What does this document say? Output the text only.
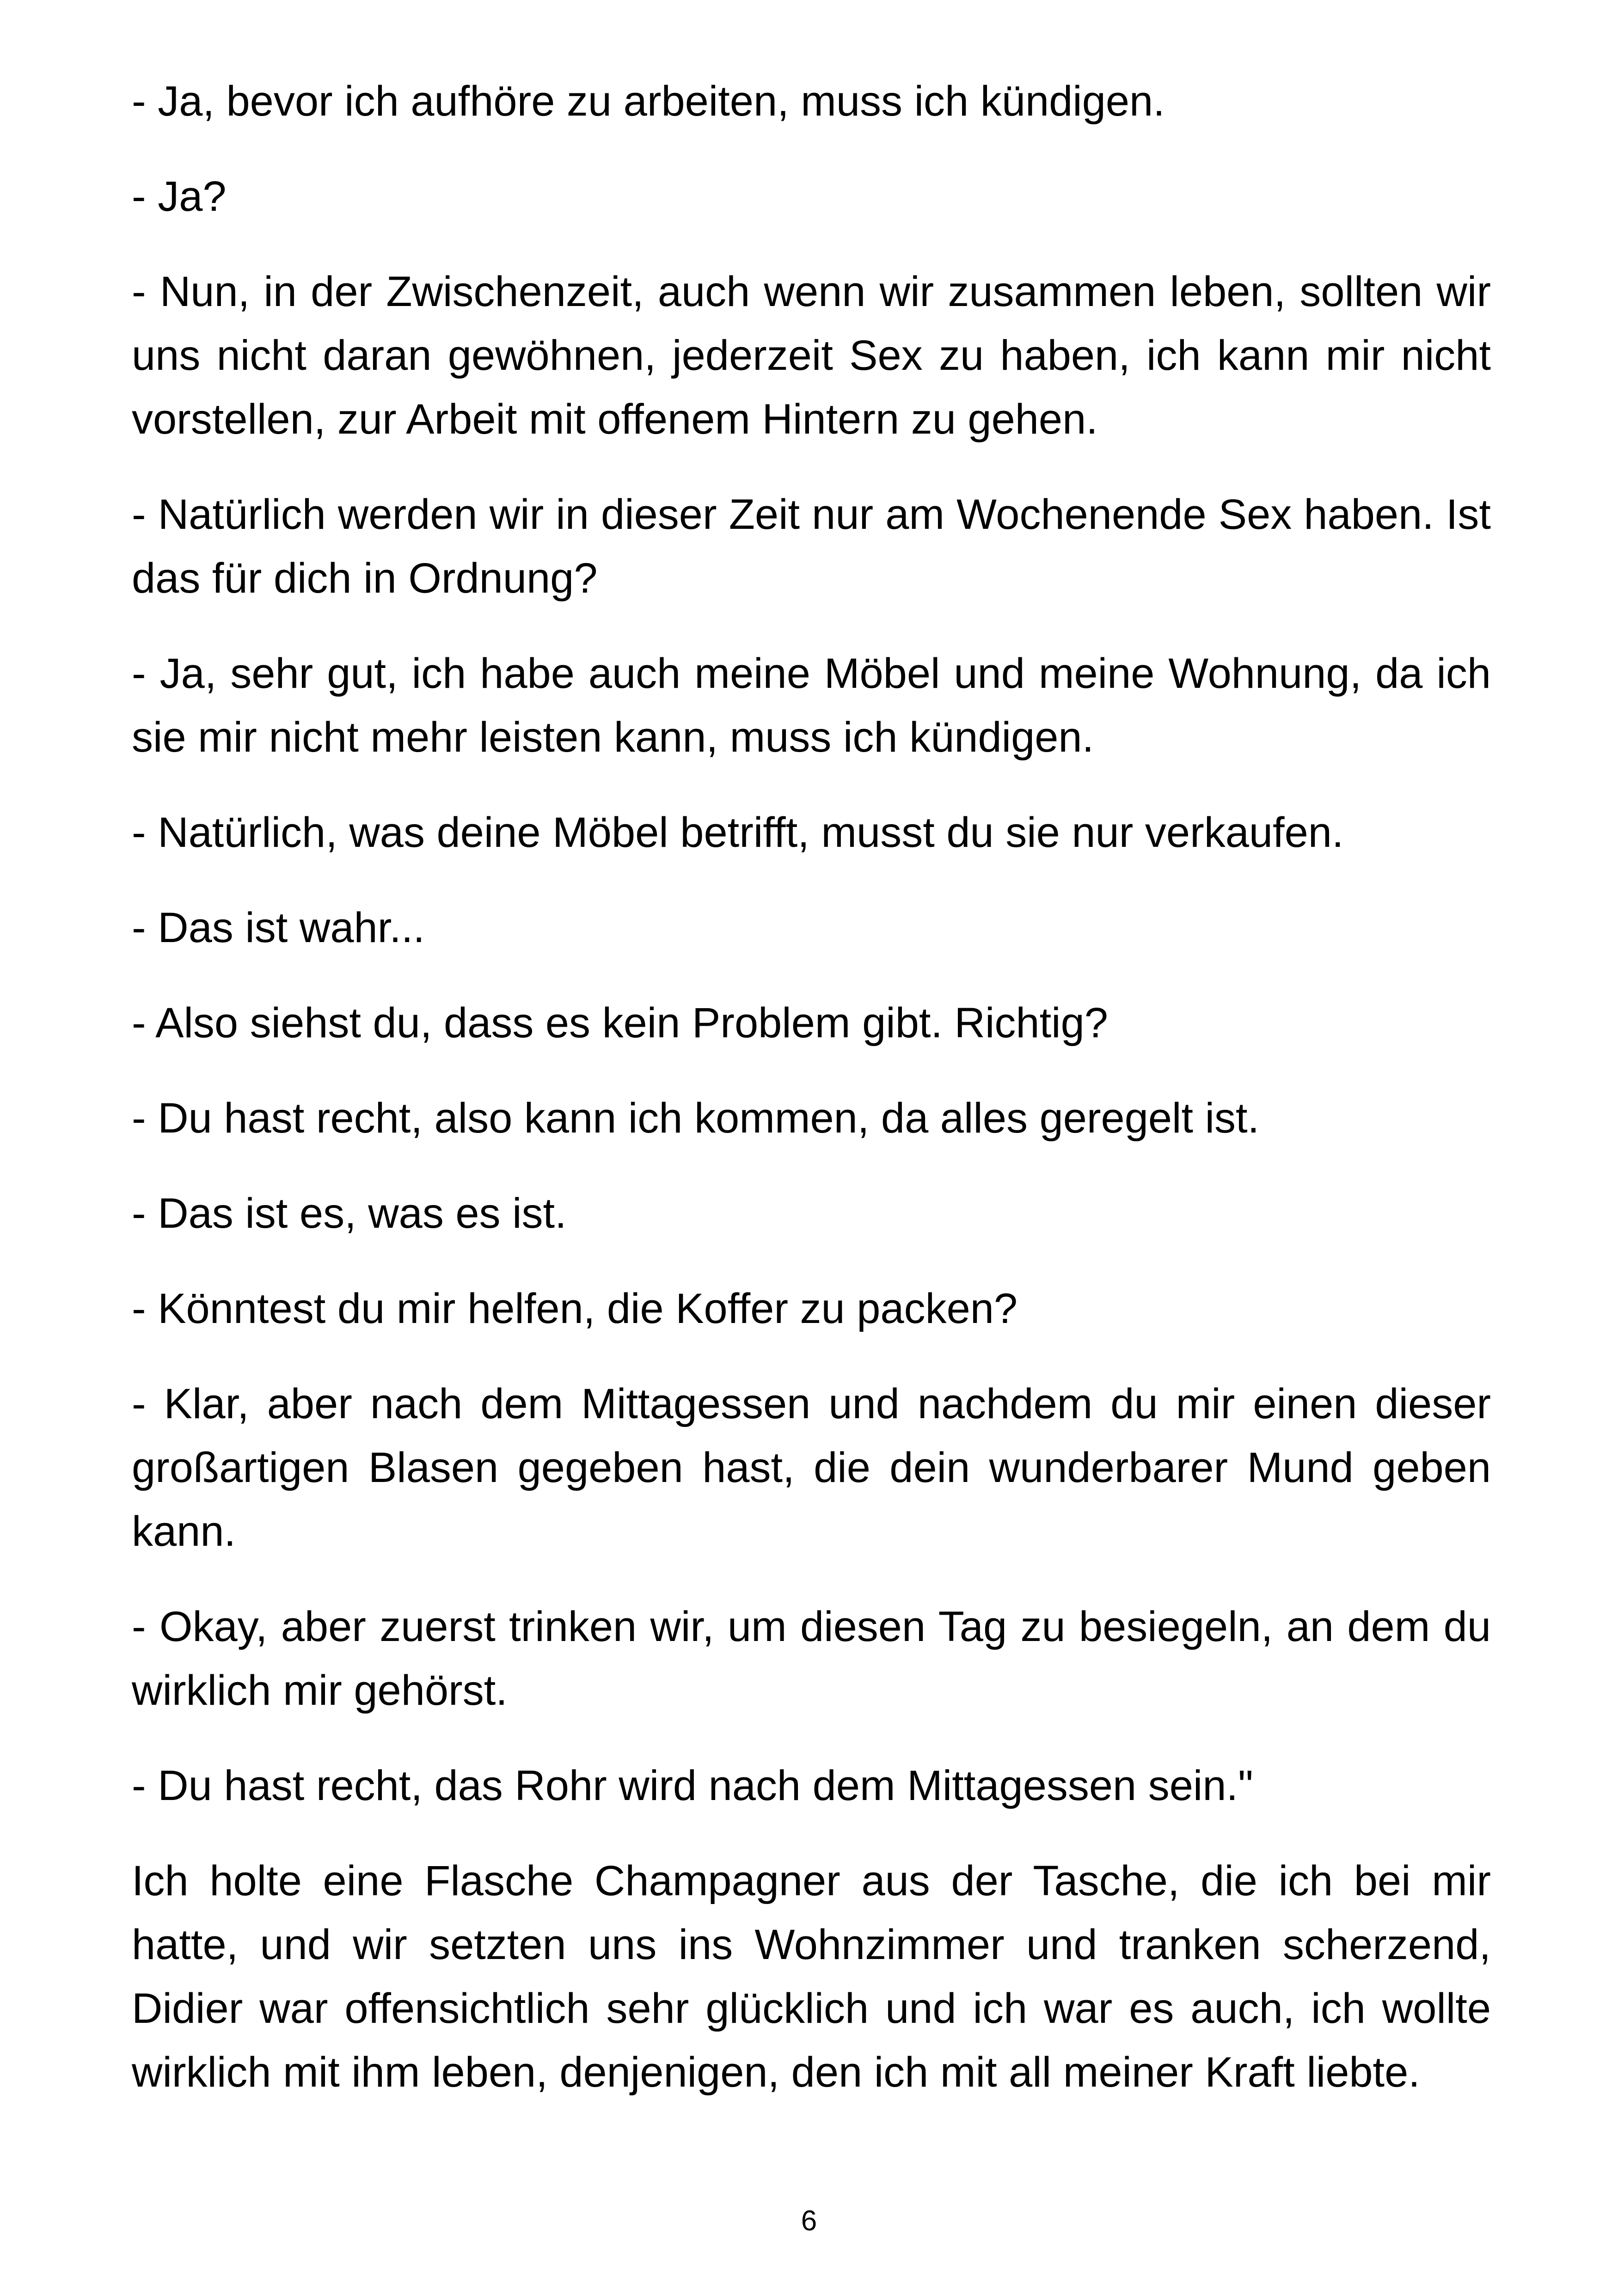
- Ja, bevor ich aufhöre zu arbeiten, muss ich kündigen.

- Ja?

- Nun, in der Zwischenzeit, auch wenn wir zusammen leben, sollten wir uns nicht daran gewöhnen, jederzeit Sex zu haben, ich kann mir nicht vorstellen, zur Arbeit mit offenem Hintern zu gehen.

- Natürlich werden wir in dieser Zeit nur am Wochenende Sex haben. Ist das für dich in Ordnung?

- Ja, sehr gut, ich habe auch meine Möbel und meine Wohnung, da ich sie mir nicht mehr leisten kann, muss ich kündigen.

- Natürlich, was deine Möbel betrifft, musst du sie nur verkaufen.

- Das ist wahr...

- Also siehst du, dass es kein Problem gibt. Richtig?

- Du hast recht, also kann ich kommen, da alles geregelt ist.

- Das ist es, was es ist.

- Könntest du mir helfen, die Koffer zu packen?

- Klar, aber nach dem Mittagessen und nachdem du mir einen dieser großartigen Blasen gegeben hast, die dein wunderbarer Mund geben kann.

- Okay, aber zuerst trinken wir, um diesen Tag zu besiegeln, an dem du wirklich mir gehörst.

- Du hast recht, das Rohr wird nach dem Mittagessen sein."

Ich holte eine Flasche Champagner aus der Tasche, die ich bei mir hatte, und wir setzten uns ins Wohnzimmer und tranken scherzend, Didier war offensichtlich sehr glücklich und ich war es auch, ich wollte wirklich mit ihm leben, denjenigen, den ich mit all meiner Kraft liebte.

6
